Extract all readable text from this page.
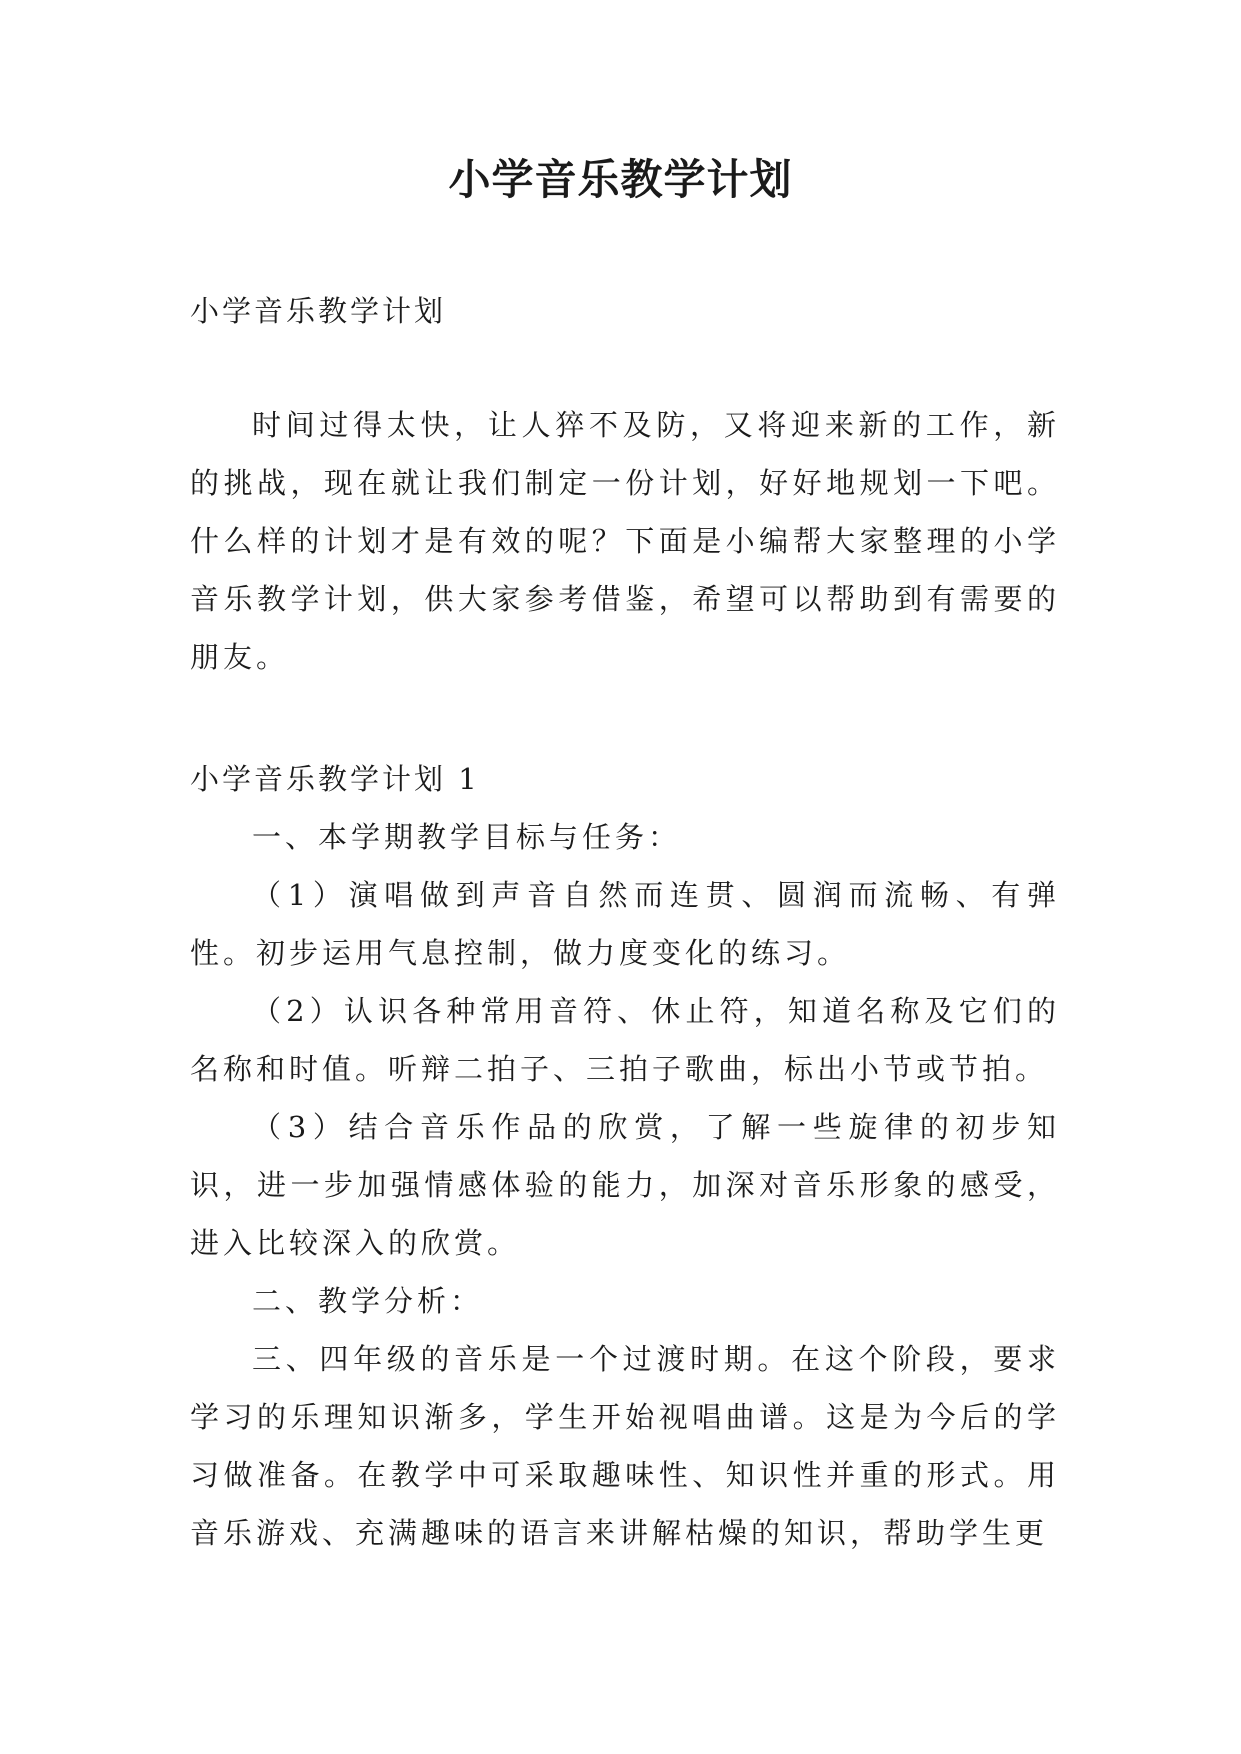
小学音乐教学计划

小学音乐教学计划

时间过得太快，让人猝不及防，又将迎来新的工作，新的挑战，现在就让我们制定一份计划，好好地规划一下吧。什么样的计划才是有效的呢？下面是小编帮大家整理的小学音乐教学计划，供大家参考借鉴，希望可以帮助到有需要的朋友。

小学音乐教学计划 1

一、本学期教学目标与任务：

（1）演唱做到声音自然而连贯、圆润而流畅、有弹性。初步运用气息控制，做力度变化的练习。

（2）认识各种常用音符、休止符，知道名称及它们的名称和时值。听辩二拍子、三拍子歌曲，标出小节或节拍。

（3）结合音乐作品的欣赏，了解一些旋律的初步知识，进一步加强情感体验的能力，加深对音乐形象的感受，进入比较深入的欣赏。

二、教学分析：

三、四年级的音乐是一个过渡时期。在这个阶段，要求学习的乐理知识渐多，学生开始视唱曲谱。这是为今后的学习做准备。在教学中可采取趣味性、知识性并重的形式。用音乐游戏、充满趣味的语言来讲解枯燥的知识，帮助学生更
